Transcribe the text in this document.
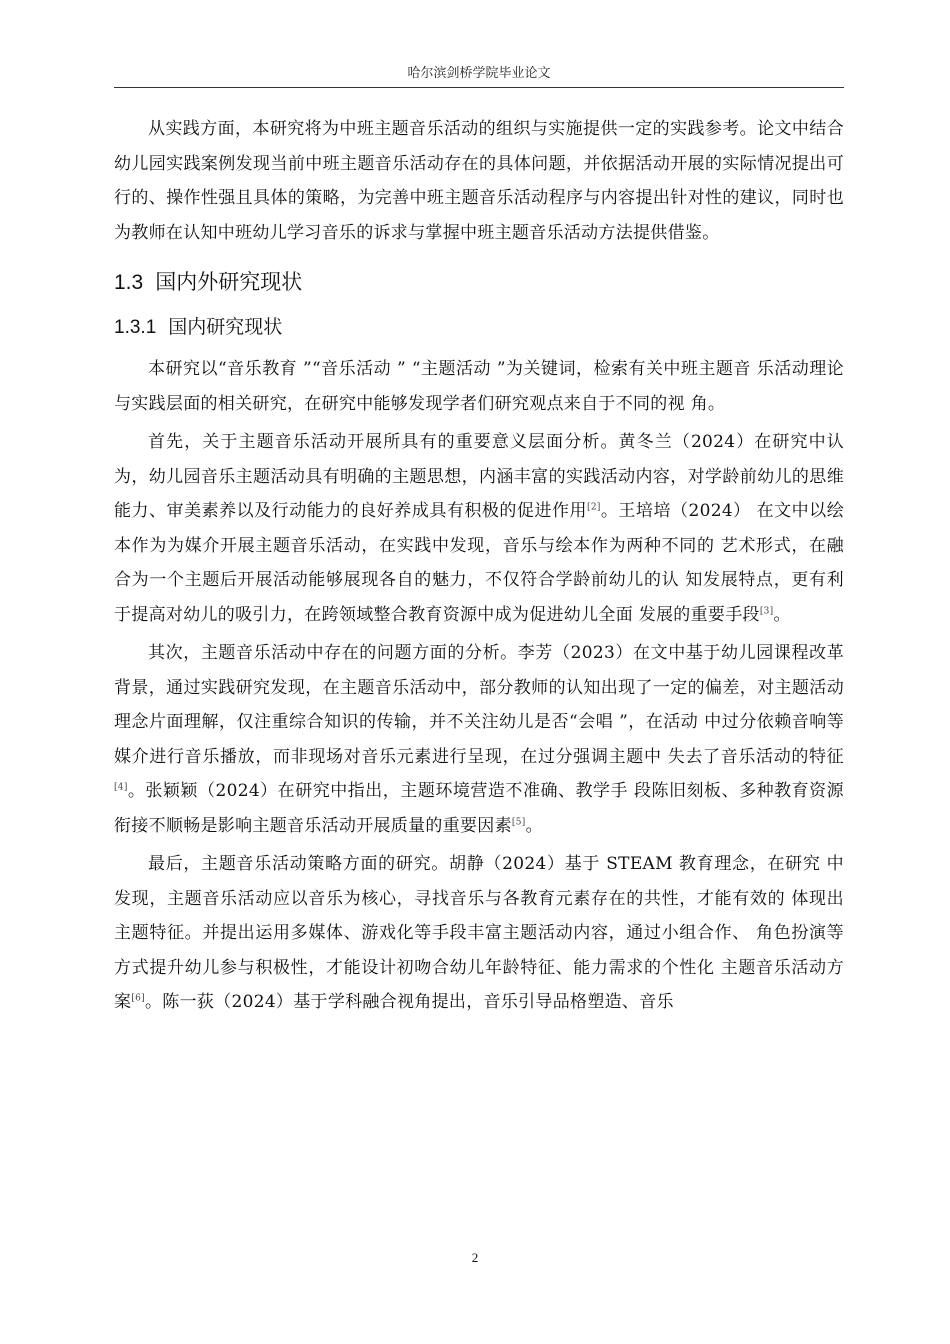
哈尔滨剑桥学院毕业论文

从实践方面，本研究将为中班主题音乐活动的组织与实施提供一定的实践参考。论文中结合幼儿园实践案例发现当前中班主题音乐活动存在的具体问题，并依据活动开展的实际情况提出可行的、操作性强且具体的策略，为完善中班主题音乐活动程序与内容提出针对性的建议，同时也为教师在认知中班幼儿学习音乐的诉求与掌握中班主题音乐活动方法提供借鉴。

1.3 国内外研究现状
1.3.1 国内研究现状

本研究以“音乐教育 ”“音乐活动 ” “主题活动 ”为关键词，检索有关中班主题音 乐活动理论与实践层面的相关研究，在研究中能够发现学者们研究观点来自于不同的视 角。

首先，关于主题音乐活动开展所具有的重要意义层面分析。黄冬兰（2024）在研究中认为，幼儿园音乐主题活动具有明确的主题思想，内涵丰富的实践活动内容，对学龄前幼儿的思维能力、审美素养以及行动能力的良好养成具有积极的促进作用[2]。王培培（2024） 在文中以绘本作为为媒介开展主题音乐活动，在实践中发现，音乐与绘本作为两种不同的 艺术形式，在融合为一个主题后开展活动能够展现各自的魅力，不仅符合学龄前幼儿的认 知发展特点，更有利于提高对幼儿的吸引力，在跨领域整合教育资源中成为促进幼儿全面 发展的重要手段[3]。

其次，主题音乐活动中存在的问题方面的分析。李芳（2023）在文中基于幼儿园课程改革背景，通过实践研究发现，在主题音乐活动中，部分教师的认知出现了一定的偏差，对主题活动理念片面理解，仅注重综合知识的传输，并不关注幼儿是否“会唱 ”，在活动 中过分依赖音响等媒介进行音乐播放，而非现场对音乐元素进行呈现，在过分强调主题中 失去了音乐活动的特征[4]。张颖颖（2024）在研究中指出，主题环境营造不准确、教学手 段陈旧刻板、多种教育资源衔接不顺畅是影响主题音乐活动开展质量的重要因素[5]。

最后，主题音乐活动策略方面的研究。胡静（2024）基于 STEAM 教育理念，在研究 中发现，主题音乐活动应以音乐为核心，寻找音乐与各教育元素存在的共性，才能有效的 体现出主题特征。并提出运用多媒体、游戏化等手段丰富主题活动内容，通过小组合作、 角色扮演等方式提升幼儿参与积极性，才能设计初吻合幼儿年龄特征、能力需求的个性化 主题音乐活动方案[6]。陈一荻（2024）基于学科融合视角提出，音乐引导品格塑造、音乐

2
